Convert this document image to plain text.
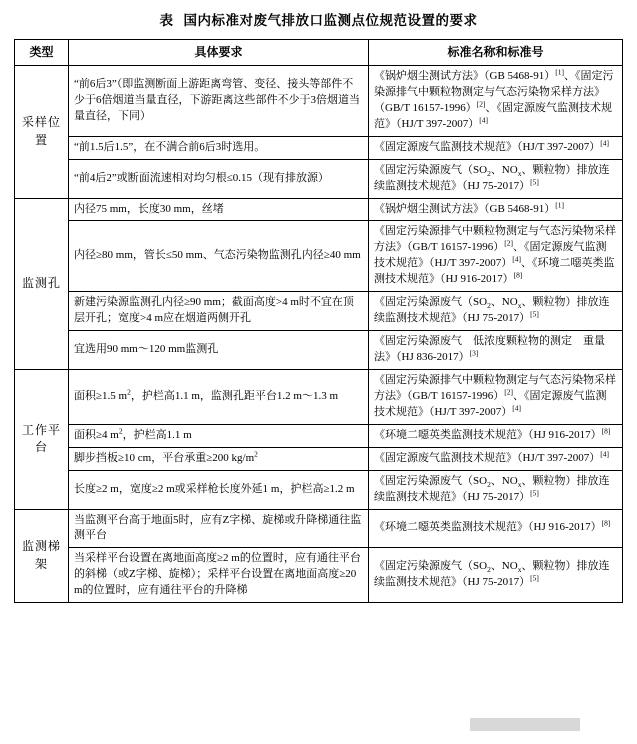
表 国内标准对废气排放口监测点位规范设置的要求
类型	具体要求	标准名称和标准号
采样位置	“前6后3”（即监测断面上游距离弯管、变径、接头等部件不少于6倍烟道当量直径，下游距离这些部件不少于3倍烟道当量直径，下同）	《锅炉烟尘测试方法》（GB 5468-91）[1]、《固定污染源排气中颗粒物测定与气态污染物采样方法》（GB/T 16157-1996）[2]、《固定源废气监测技术规范》（HJ/T 397-2007）[4]
	“前1.5后1.5”，在不满合前6后3时选用。	《固定源废气监测技术规范》（HJ/T 397-2007）[4]
	“前4后2”或断面流速相对均匀根≤0.15（现有排放源）	《固定污染源废气（$SO_2$、$NO_x$、颗粒物）排放连续监测技术规范》（HJ 75-2017）[5]
监测孔	内径75 mm，长度30 mm，丝堵	《锅炉烟尘测试方法》（GB 5468-91）[1]
	内径≥80 mm，管长≤50 mm、气态污染物监测孔内径≥40 mm	《固定污染源排气中颗粒物测定与气态污染物采样方法》（GB/T 16157-1996）[2]、《固定源废气监测技术规范》（HJ/T 397-2007）[4]、《环境二噁英类监测技术规范》（HJ 916-2017）[8]
	新建污染源监测孔内径≥90 mm；截面高度>4 m时不宜在顶层开孔；宽度>4 m应在烟道两侧开孔	《固定污染源废气（$SO_2$、$NO_x$、颗粒物）排放连续监测技术规范》（HJ 75-2017）[5]
	宜选用90 mm～120 mm监测孔	《固定污染源废气　低浓度颗粒物的测定　重量法》（HJ 836-2017）[3]
工作平台	面积≥1.5 $m^2$，护栏高1.1 m，监测孔距平台1.2 m～1.3 m	《固定污染源排气中颗粒物测定与气态污染物采样方法》（GB/T 16157-1996）[2]、《固定源废气监测技术规范》（HJ/T 397-2007）[4]
	面积≥4 $m^2$，护栏高1.1 m	《环境二噁英类监测技术规范》（HJ 916-2017）[8]
	脚步挡板≥10 cm，平台承重≥200 $kg/m^2$	《固定源废气监测技术规范》（HJ/T 397-2007）[4]
	长度≥2 m，宽度≥2 m或采样枪长度外延1 m，护栏高≥1.2 m	《固定污染源废气（$SO_2$、$NO_x$、颗粒物）排放连续监测技术规范》（HJ 75-2017）[5]
监测梯架	当监测平台高于地面5时，应有Z字梯、旋梯或升降梯通往监测平台	《环境二噁英类监测技术规范》（HJ 916-2017）[8]
	当采样平台设置在离地面高度≥2 m的位置时，应有通往平台的斜梯（或Z字梯、旋梯）；采样平台设置在离地面高度≥20 m的位置时，应有通往平台的升降梯	《固定污染源废气（$SO_2$、$NO_x$、颗粒物）排放连续监测技术规范》（HJ 75-2017）[5]
